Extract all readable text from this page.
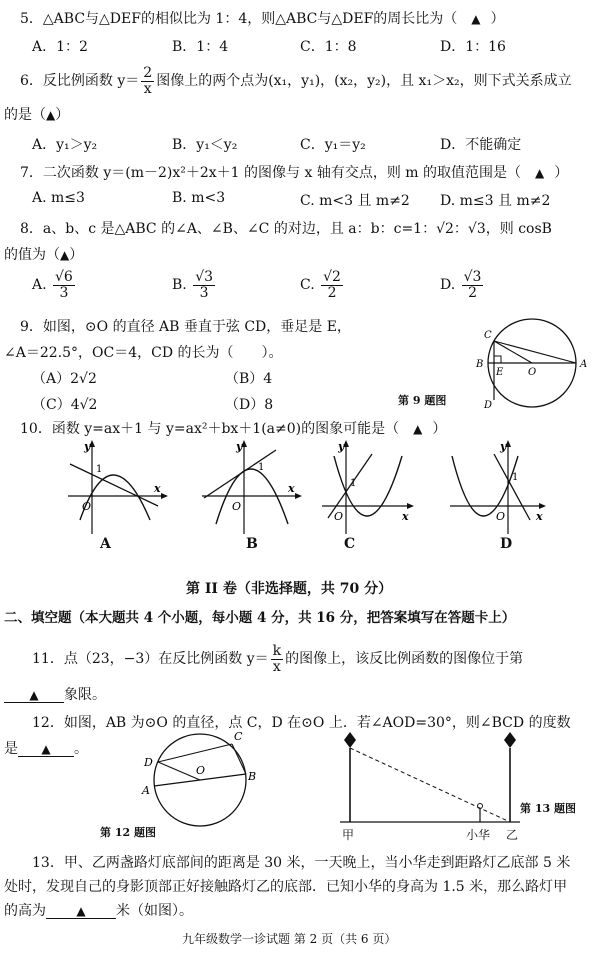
5．△ABC与△DEF的相似比为 1：4，则△ABC与△DEF的周长比为（ ▲ ）
A．1：2	B．1：4	C．1：8	D．1：16
6．反比例函数 $y= \frac{2}{x}$ 图像上的两个点为(x₁，y₁)，(x₂，y₂)，且 x₁＞x₂，则下式关系成立
的是（▲）
A．y₁＞y₂	B．y₁＜y₂	C．y₁＝y₂	D．不能确定
7．二次函数 y＝(m－2)x²＋2x＋1 的图像与 x 轴有交点，则 m 的取值范围是（ ▲ ）
A. m≤3	B. m<3	C. m<3 且 m≠2 D. m≤3 且 m≠2
8．a、b、c 是△ABC 的∠A、∠B、∠C 的对边，且 a：b：c=1：√2：√3，则 cosB
的值为（▲）
A. $\frac{√6}{3}$	B. $\frac{√3}{3}$	C. $\frac{√2}{2}$	D. $\frac{√3}{2}$
9．如图，⊙O 的直径 AB 垂直于弦 CD，垂足是 E，
∠A＝22.5°，OC＝4，CD 的长为（　　）。
（A）2√2	（B）4
（C）4√2	（D）8	第 9 题图
C
B
E O
A
D
10．函数 y=ax＋1 与 y=ax²＋bx＋1(a≠0)的图象可能是（ ▲ ）
y
x
O
1
A
y
x
O
1
B
y
x
O
1
C
y
x
O
1
D
第 II 卷（非选择题，共 70 分）
二、填空题（本大题共 4 个小题，每小题 4 分，共 16 分，把答案填写在答题卡上）
11．点（23，−3）在反比例函数 $y= \frac{k}{x}$ 的图像上，该反比例函数的图像位于第
▲ 象限。
12．如图，AB 为⊙O 的直径，点 C，D 在⊙O 上．若∠AOD=30°，则∠BCD 的度数
是 ▲ 。
C
D
O
A
B
第 12 题图
第 13 题图
甲	小华 乙
13．甲、乙两盏路灯底部间的距离是 30 米，一天晚上，当小华走到距路灯乙底部 5 米
处时，发现自己的身影顶部正好接触路灯乙的底部．已知小华的身高为 1.5 米，那么路灯甲
的高为	▲ 米（如图）。
九年级数学一诊试题 第 2 页（共 6 页）
